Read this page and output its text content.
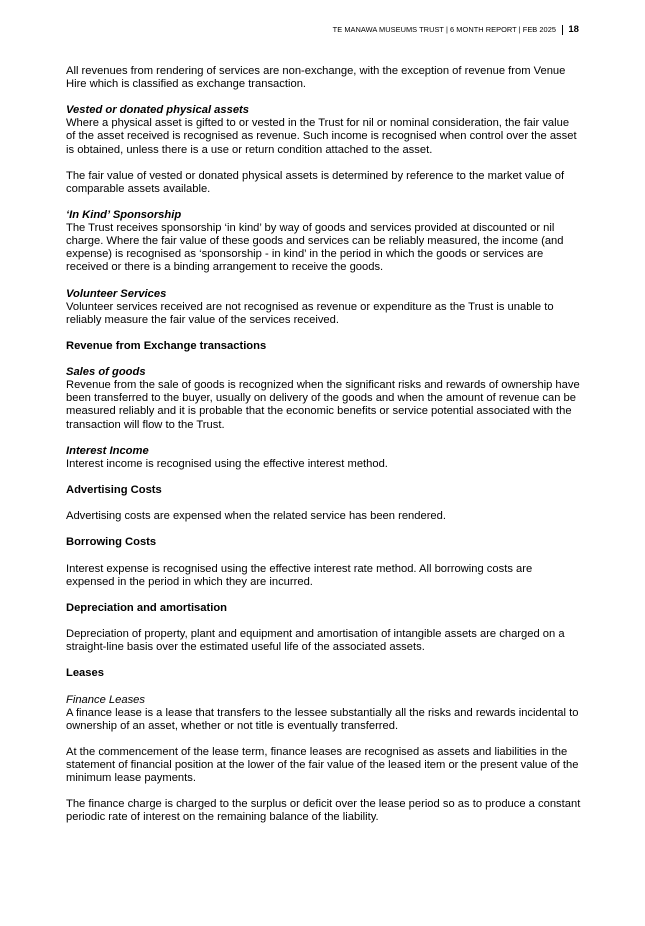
TE MANAWA MUSEUMS TRUST | 6 MONTH REPORT | FEB 2025 18

All revenues from rendering of services are non-exchange, with the exception of revenue from Venue Hire which is classified as exchange transaction.

Vested or donated physical assets

Where a physical asset is gifted to or vested in the Trust for nil or nominal consideration, the fair value of the asset received is recognised as revenue. Such income is recognised when control over the asset is obtained, unless there is a use or return condition attached to the asset.

The fair value of vested or donated physical assets is determined by reference to the market value of comparable assets available.

‘In Kind’ Sponsorship

The Trust receives sponsorship ‘in kind’ by way of goods and services provided at discounted or nil charge. Where the fair value of these goods and services can be reliably measured, the income (and expense) is recognised as ‘sponsorship - in kind’ in the period in which the goods or services are received or there is a binding arrangement to receive the goods.

Volunteer Services

Volunteer services received are not recognised as revenue or expenditure as the Trust is unable to reliably measure the fair value of the services received.

Revenue from Exchange transactions
Sales of goods

Revenue from the sale of goods is recognized when the significant risks and rewards of ownership have been transferred to the buyer, usually on delivery of the goods and when the amount of revenue can be measured reliably and it is probable that the economic benefits or service potential associated with the transaction will flow to the Trust.

Interest Income

Interest income is recognised using the effective interest method.

Advertising Costs

Advertising costs are expensed when the related service has been rendered.

Borrowing Costs

Interest expense is recognised using the effective interest rate method. All borrowing costs are expensed in the period in which they are incurred.

Depreciation and amortisation

Depreciation of property, plant and equipment and amortisation of intangible assets are charged on a straight-line basis over the estimated useful life of the associated assets.

Leases
Finance Leases

A finance lease is a lease that transfers to the lessee substantially all the risks and rewards incidental to ownership of an asset, whether or not title is eventually transferred.

At the commencement of the lease term, finance leases are recognised as assets and liabilities in the statement of financial position at the lower of the fair value of the leased item or the present value of the minimum lease payments.

The finance charge is charged to the surplus or deficit over the lease period so as to produce a constant periodic rate of interest on the remaining balance of the liability.
